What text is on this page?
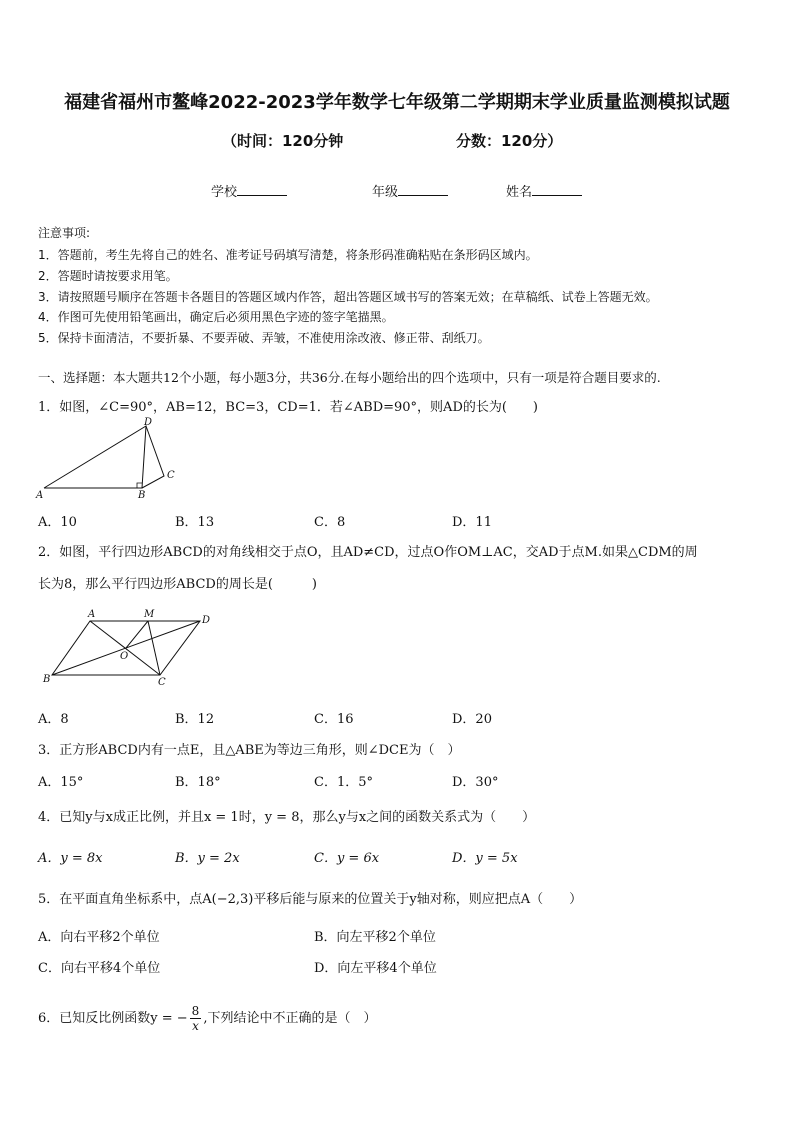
福建省福州市鳌峰2022-2023学年数学七年级第二学期期末学业质量监测模拟试题
（时间：120分钟	分数：120分）
学校	年级	姓名
注意事项:
1．答题前，考生先将自己的姓名、准考证号码填写清楚，将条形码准确粘贴在条形码区域内。
2．答题时请按要求用笔。
3．请按照题号顺序在答题卡各题目的答题区域内作答，超出答题区域书写的答案无效；在草稿纸、试卷上答题无效。
4．作图可先使用铅笔画出，确定后必须用黑色字迹的签字笔描黑。
5．保持卡面清洁，不要折暴、不要弄破、弄皱，不准使用涂改液、修正带、刮纸刀。
一、选择题：本大题共12个小题，每小题3分，共36分.在每小题给出的四个选项中，只有一项是符合题目要求的.
1．如图，∠C=90°，AB=12，BC=3，CD=1．若∠ABD=90°，则AD的长为(　　)
D
C
A	B
A．10	B．13	C．8	D．11
2．如图，平行四边形ABCD的对角线相交于点O，且AD≠CD，过点O作OM⊥AC，交AD于点M.如果△CDM的周
长为8，那么平行四边形ABCD的周长是(　　　)
A	M
D
O
B	C
A．8	B．12	C．16	D．20
3．正方形ABCD内有一点E，且△ABE为等边三角形，则∠DCE为（　）
A．15°	B．18°	C．1．5°	D．30°
4．已知y与x成正比例，并且x = 1时，y = 8，那么y与x之间的函数关系式为（　　）
A．y = 8x	B．y = 2x	C．y = 6x	D．y = 5x
5．在平面直角坐标系中，点A(−2,3)平移后能与原来的位置关于y轴对称，则应把点A（　　）
A．向右平移2个单位	B．向左平移2个单位
C．向右平移4个单位	D．向左平移4个单位
6．已知反比例函数y = − $\frac{8}{x}$ ,下列结论中不正确的是（　）
